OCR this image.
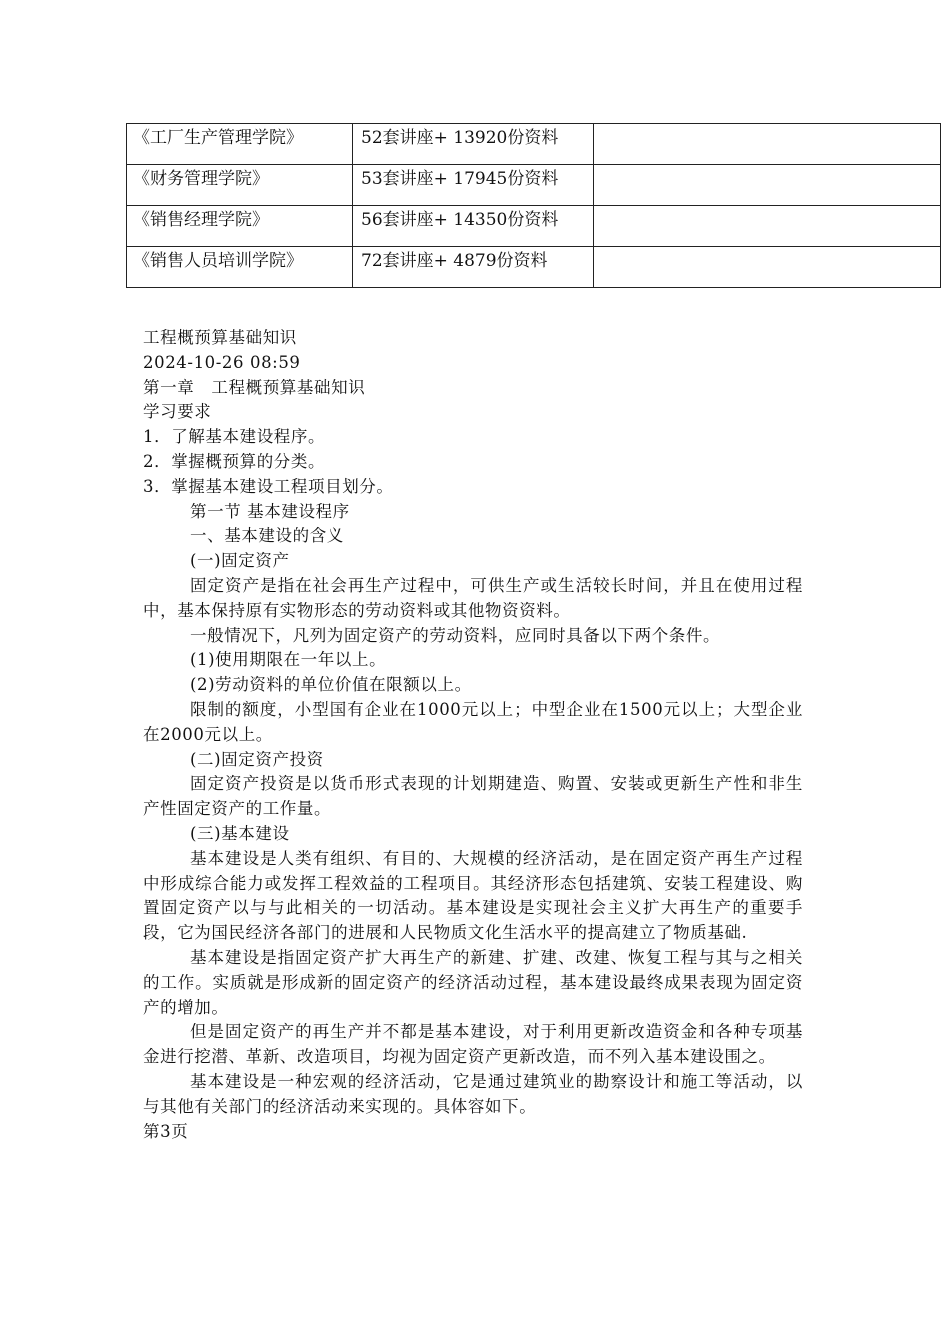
《工厂生产管理学院》	52套讲座+ 13920份资料	
《财务管理学院》	53套讲座+ 17945份资料	
《销售经理学院》	56套讲座+ 14350份资料	
《销售人员培训学院》	72套讲座+ 4879份资料	

工程概预算基础知识

2024-10-26 08:59

第一章　工程概预算基础知识

学习要求

1．了解基本建设程序。

2．掌握概预算的分类。

3．掌握基本建设工程项目划分。

第一节 基本建设程序

一、基本建设的含义

(一)固定资产

固定资产是指在社会再生产过程中，可供生产或生活较长时间，并且在使用过程中，基本保持原有实物形态的劳动资料或其他物资资料。

一般情况下，凡列为固定资产的劳动资料，应同时具备以下两个条件。

(1)使用期限在一年以上。

(2)劳动资料的单位价值在限额以上。

限制的额度，小型国有企业在1000元以上；中型企业在1500元以上；大型企业在2000元以上。

(二)固定资产投资

固定资产投资是以货币形式表现的计划期建造、购置、安装或更新生产性和非生产性固定资产的工作量。

(三)基本建设

基本建设是人类有组织、有目的、大规模的经济活动，是在固定资产再生产过程中形成综合能力或发挥工程效益的工程项目。其经济形态包括建筑、安装工程建设、购置固定资产以与与此相关的一切活动。基本建设是实现社会主义扩大再生产的重要手段，它为国民经济各部门的进展和人民物质文化生活水平的提高建立了物质基础.

基本建设是指固定资产扩大再生产的新建、扩建、改建、恢复工程与其与之相关的工作。实质就是形成新的固定资产的经济活动过程，基本建设最终成果表现为固定资产的增加。

但是固定资产的再生产并不都是基本建设，对于利用更新改造资金和各种专项基金进行挖潜、革新、改造项目，均视为固定资产更新改造，而不列入基本建设围之。

基本建设是一种宏观的经济活动，它是通过建筑业的勘察设计和施工等活动，以与其他有关部门的经济活动来实现的。具体容如下。

第3页
